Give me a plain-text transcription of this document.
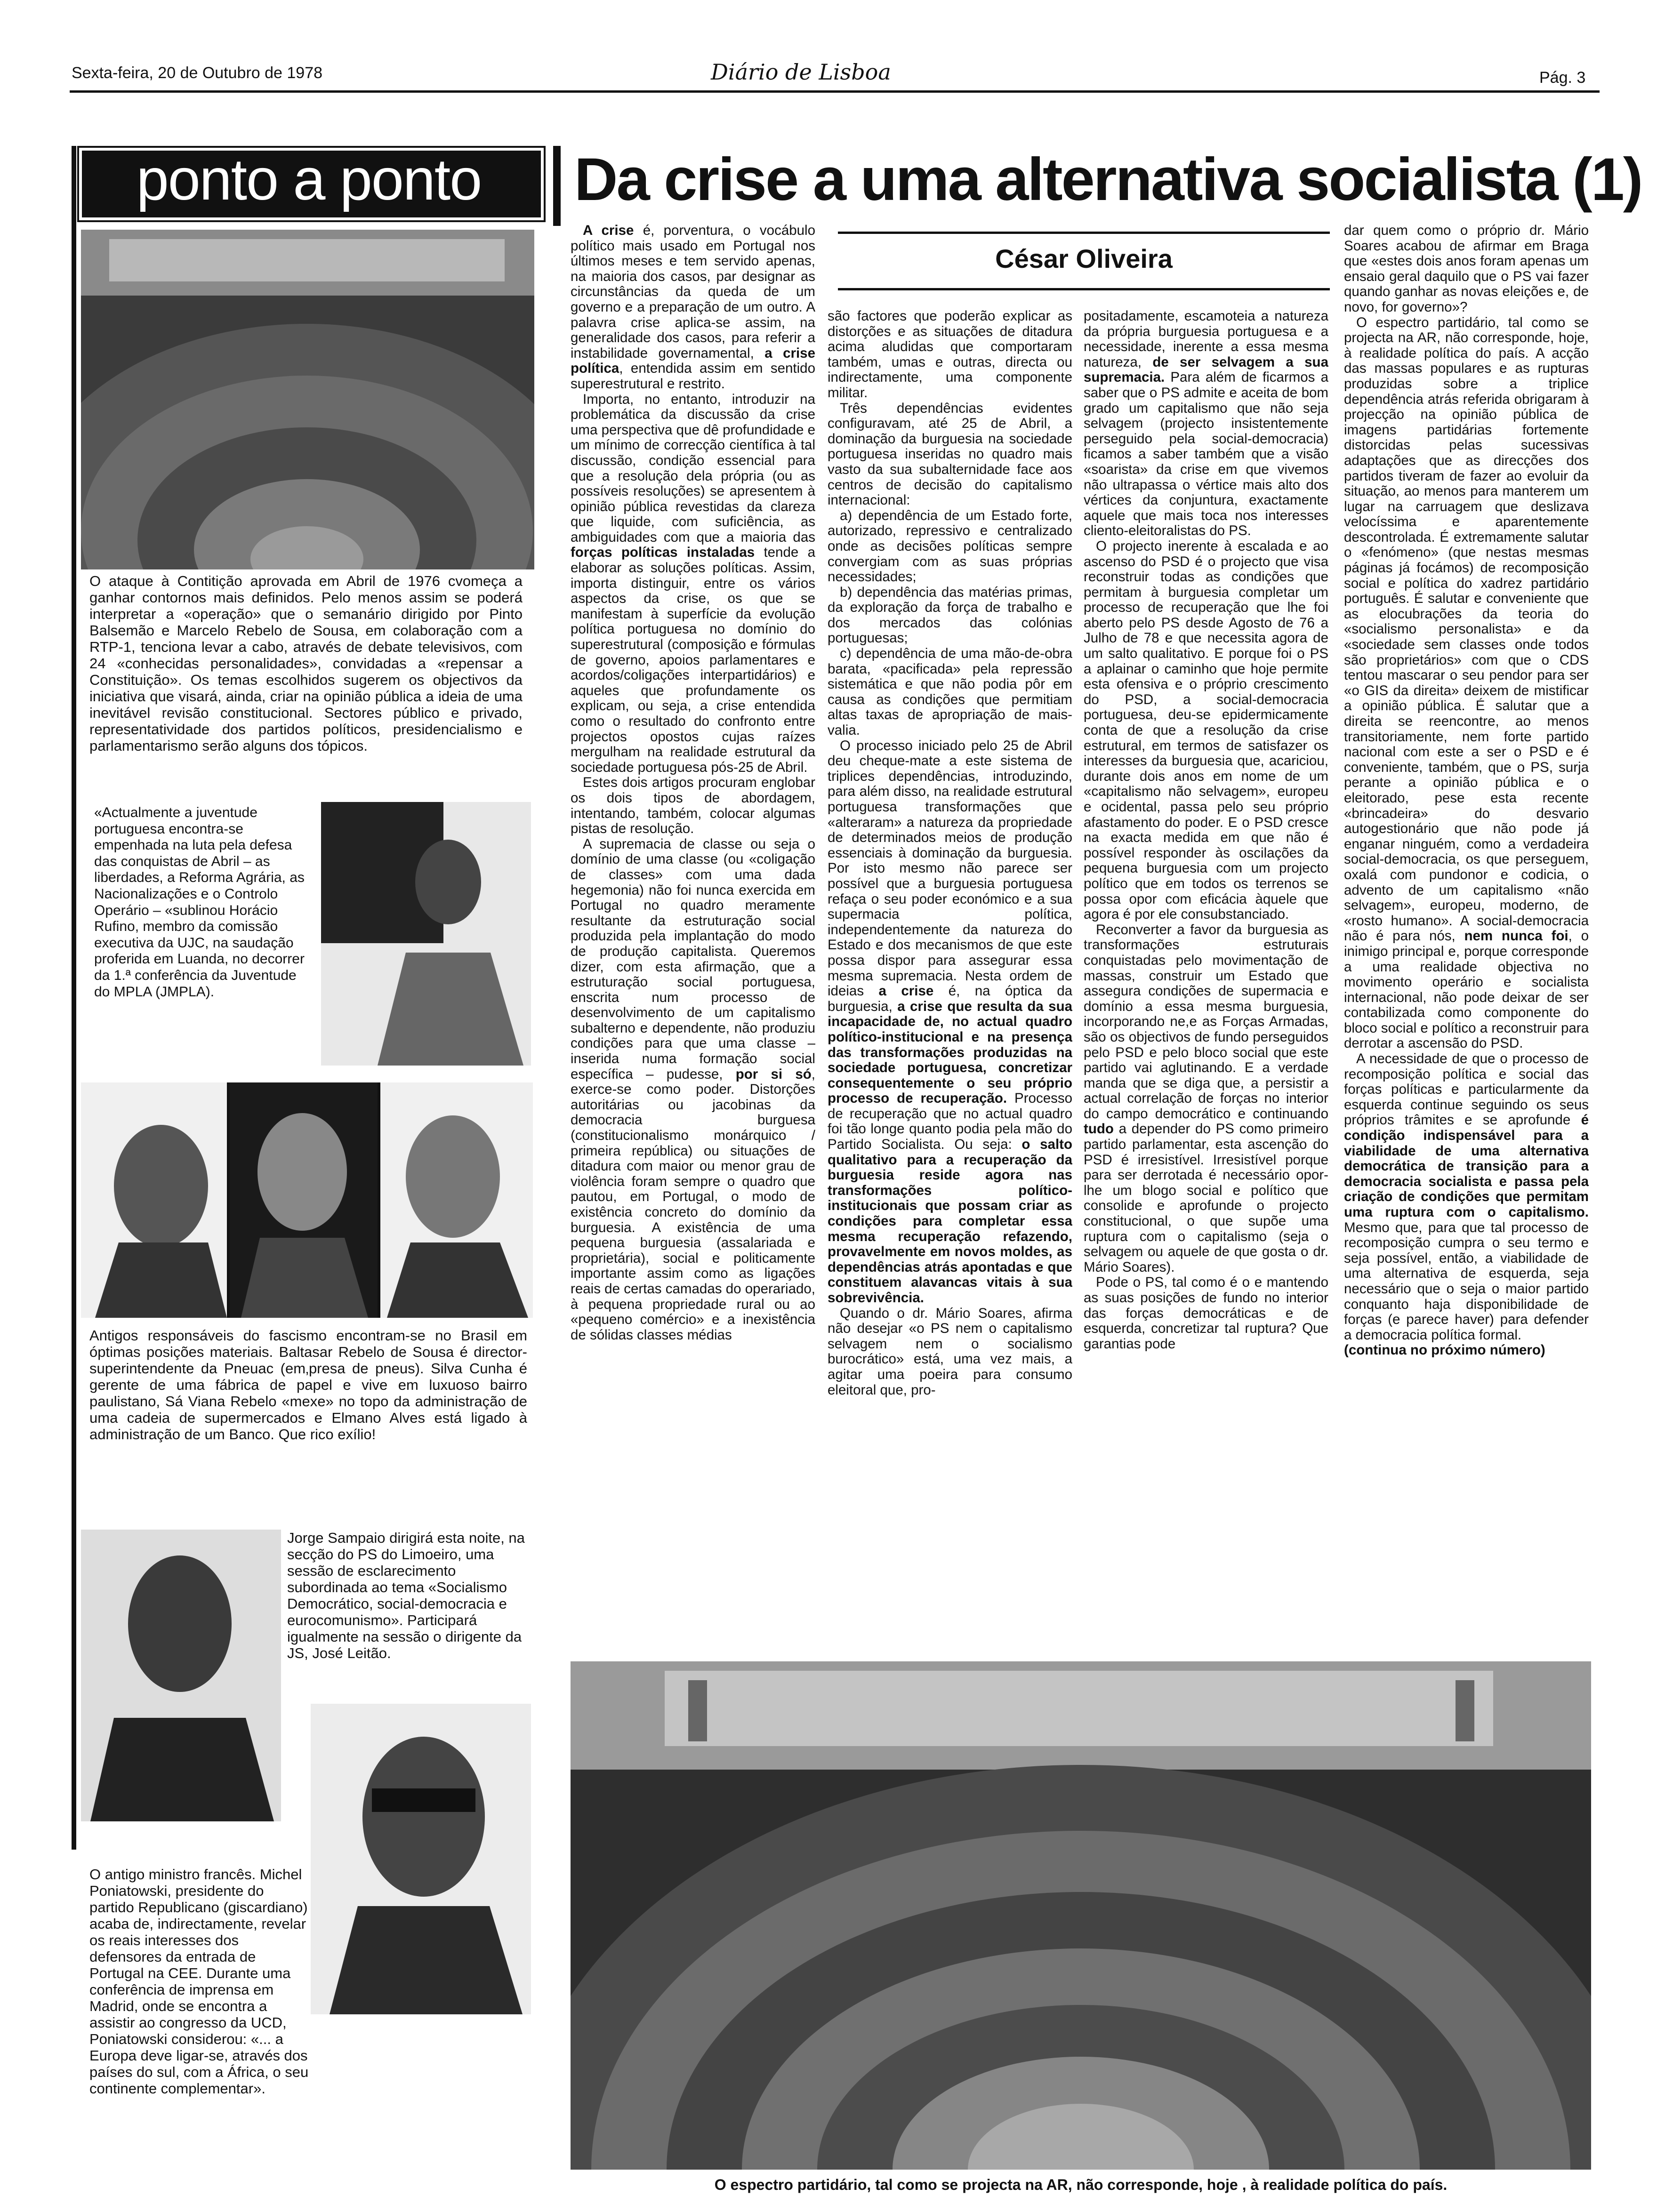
Sexta-feira, 20 de Outubro de 1978	Diário de Lisboa	Pág. 3
ponto a ponto
O ataque à Contitição aprovada em Abril de 1976 cvomeça a ganhar contornos mais definidos. Pelo menos assim se poderá interpretar a «operação» que o semanário dirigido por Pinto Balsemão e Marcelo Rebelo de Sousa, em colaboração com a RTP-1, tenciona levar a cabo, através de debate televisivos, com 24 «conhecidas personalidades», convidadas a «repensar a Constituição». Os temas escolhidos sugerem os objectivos da iniciativa que visará, ainda, criar na opinião pública a ideia de uma inevitável revisão constitucional. Sectores público e privado, representatividade dos partidos políticos, presidencialismo e parlamentarismo serão alguns dos tópicos.
«Actualmente a juventude portuguesa encontra-se empenhada na luta pela defesa das conquistas de Abril – as liberdades, a Reforma Agrária, as Nacionalizações e o Controlo Operário – «sublinou Horácio Rufino, membro da comissão executiva da UJC, na saudação proferida em Luanda, no decorrer da 1.ª conferência da Juventude do MPLA (JMPLA).
Antigos responsáveis do fascismo encontram-se no Brasil em óptimas posições materiais. Baltasar Rebelo de Sousa é director-superintendente da Pneuac (em‚presa de pneus). Silva Cunha é gerente de uma fábrica de papel e vive em luxuoso bairro paulistano, Sá Viana Rebelo «mexe» no topo da administração de uma cadeia de supermercados e Elmano Alves está ligado à administração de um Banco. Que rico exílio!
Jorge Sampaio dirigirá esta noite, na secção do PS do Limoeiro, uma sessão de esclarecimento subordinada ao tema «Socialismo Democrático, social-democracia e eurocomunismo». Participará igualmente na sessão o dirigente da JS, José Leitão.
O antigo ministro francês. Michel Poniatowski, presidente do partido Republicano (giscardiano) acaba de, indirectamente, revelar os reais interesses dos defensores da entrada de Portugal na CEE. Durante uma conferência de imprensa em Madrid, onde se encontra a assistir ao congresso da UCD, Poniatowski considerou: «... a Europa deve ligar-se, através dos países do sul, com a África, o seu continente complementar».
Da crise a uma alternativa socialista (1)

A crise é, porventura, o vocábulo político mais usado em Portugal nos últimos meses e tem servido apenas, na maioria dos casos, par designar as circunstâncias da queda de um governo e a preparação de um outro. A palavra crise aplica-se assim, na generalidade dos casos, para referir a instabilidade governamental, a crise política, entendida assim em sentido superestrutural e restrito.

Importa, no entanto, introduzir na problemática da discussão da crise uma perspectiva que dê profundidade e um mínimo de correcção científica à tal discussão, condição essencial para que a resolução dela própria (ou as possíveis resoluções) se apresentem à opinião pública revestidas da clareza que liquide, com suficiência, as ambiguidades com que a maioria das forças políticas instaladas tende a elaborar as soluções políticas. Assim, importa distinguir, entre os vários aspectos da crise, os que se manifestam à superfície da evolução política portuguesa no domínio do superestrutural (composição e fórmulas de governo, apoios parlamentares e acordos/coligações interpartidários) e aqueles que profundamente os explicam, ou seja, a crise entendida como o resultado do confronto entre projectos opostos cujas raízes mergulham na realidade estrutural da sociedade portuguesa pós-25 de Abril.

Estes dois artigos procuram englobar os dois tipos de abordagem, intentando, também, colocar algumas pistas de resolução.

A supremacia de classe ou seja o domínio de uma classe (ou «coligação de classes» com uma dada hegemonia) não foi nunca exercida em Portugal no quadro meramente resultante da estruturação social produzida pela implantação do modo de produção capitalista. Queremos dizer, com esta afirmação, que a estruturação social portuguesa, enscrita num processo de desenvolvimento de um capitalismo subalterno e dependente, não produziu condições para que uma classe – inserida numa formação social específica – pudesse, por si só, exerce-se como poder. Distorções autoritárias ou jacobinas da democracia burguesa (constitucionalismo monárquico / primeira república) ou situações de ditadura com maior ou menor grau de violência foram sempre o quadro que pautou, em Portugal, o modo de existência concreto do domínio da burguesia. A existência de uma pequena burguesia (assalariada e proprietária), social e politicamente importante assim como as ligações reais de certas camadas do operariado, à pequena propriedade rural ou ao «pequeno comércio» e a inexistência de sólidas classes médias

César Oliveira

são factores que poderão explicar as distorções e as situações de ditadura acima aludidas que comportaram também, umas e outras, directa ou indirectamente, uma componente militar.

Três dependências evidentes configuravam, até 25 de Abril, a dominação da burguesia na sociedade portuguesa inseridas no quadro mais vasto da sua subalternidade face aos centros de decisão do capitalismo internacional:

a) dependência de um Estado forte, autorizado, repressivo e centralizado onde as decisões políticas sempre convergiam com as suas próprias necessidades;

b) dependência das matérias primas, da exploração da força de trabalho e dos mercados das colónias portuguesas;

c) dependência de uma mão-de-obra barata, «pacificada» pela repressão sistemática e que não podia pôr em causa as condições que permitiam altas taxas de apropriação de mais-valia.

O processo iniciado pelo 25 de Abril deu cheque-mate a este sistema de triplices dependências, introduzindo, para além disso, na realidade estrutural portuguesa transformações que «alteraram» a natureza da propriedade de determinados meios de produção essenciais à dominação da burguesia. Por isto mesmo não parece ser possível que a burguesia portuguesa refaça o seu poder económico e a sua supermacia política, independentemente da natureza do Estado e dos mecanismos de que este possa dispor para assegurar essa mesma supremacia. Nesta ordem de ideias a crise é, na óptica da burguesia, a crise que resulta da sua incapacidade de, no actual quadro político-institucional e na presença das transformações produzidas na sociedade portuguesa, concretizar consequentemente o seu próprio processo de recuperação. Processo de recuperação que no actual quadro foi tão longe quanto podia pela mão do Partido Socialista. Ou seja: o salto qualitativo para a recuperação da burguesia reside agora nas transformações político-institucionais que possam criar as condições para completar essa mesma recuperação refazendo, provavelmente em novos moldes, as dependências atrás apontadas e que constituem alavancas vitais à sua sobrevivência.

Quando o dr. Mário Soares, afirma não desejar «o PS nem o capitalismo selvagem nem o socialismo burocrático» está, uma vez mais, a agitar uma poeira para consumo eleitoral que, pro-

positadamente, escamoteia a natureza da própria burguesia portuguesa e a necessidade, inerente a essa mesma natureza, de ser selvagem a sua supremacia. Para além de ficarmos a saber que o PS admite e aceita de bom grado um capitalismo que não seja selvagem (projecto insistentemente perseguido pela social-democracia) ficamos a saber também que a visão «soarista» da crise em que vivemos não ultrapassa o vértice mais alto dos vértices da conjuntura, exactamente aquele que mais toca nos interesses cliento-eleitoralistas do PS.

O projecto inerente à escalada e ao ascenso do PSD é o projecto que visa reconstruir todas as condições que permitam à burguesia completar um processo de recuperação que lhe foi aberto pelo PS desde Agosto de 76 a Julho de 78 e que necessita agora de um salto qualitativo. E porque foi o PS a aplainar o caminho que hoje permite esta ofensiva e o próprio crescimento do PSD, a social-democracia portuguesa, deu-se epidermicamente conta de que a resolução da crise estrutural, em termos de satisfazer os interesses da burguesia que, acariciou, durante dois anos em nome de um «capitalismo não selvagem», europeu e ocidental, passa pelo seu próprio afastamento do poder. E o PSD cresce na exacta medida em que não é possível responder às oscilações da pequena burguesia com um projecto político que em todos os terrenos se possa opor com eficácia àquele que agora é por ele consubstanciado.

Reconverter a favor da burguesia as transformações estruturais conquistadas pelo movimentação de massas, construir um Estado que assegura condições de supermacia e domínio a essa mesma burguesia, incorporando ne,e as Forças Armadas, são os objectivos de fundo perseguidos pelo PSD e pelo bloco social que este partido vai aglutinando. E a verdade manda que se diga que, a persistir a actual correlação de forças no interior do campo democrático e continuando tudo a depender do PS como primeiro partido parlamentar, esta ascenção do PSD é irresistível. Irresistível porque para ser derrotada é necessário opor-lhe um blogo social e político que consolide e aprofunde o projecto constitucional, o que supõe uma ruptura com o capitalismo (seja o selvagem ou aquele de que gosta o dr. Mário Soares).

Pode o PS, tal como é o e mantendo as suas posições de fundo no interior das forças democráticas e de esquerda, concretizar tal ruptura? Que garantias pode

dar quem como o próprio dr. Mário Soares acabou de afirmar em Braga que «estes dois anos foram apenas um ensaio geral daquilo que o PS vai fazer quando ganhar as novas eleições e, de novo, for governo»?

O espectro partidário, tal como se projecta na AR, não corresponde, hoje, à realidade política do país. A acção das massas populares e as rupturas produzidas sobre a triplice dependência atrás referida obrigaram à projecção na opinião pública de imagens partidárias fortemente distorcidas pelas sucessivas adaptações que as direcções dos partidos tiveram de fazer ao evoluir da situação, ao menos para manterem um lugar na carruagem que deslizava velocíssima e aparentemente descontrolada. É extremamente salutar o «fenómeno» (que nestas mesmas páginas já focámos) de recomposição social e política do xadrez partidário português. É salutar e conveniente que as elocubrações da teoria do «socialismo personalista» e da «sociedade sem classes onde todos são proprietários» com que o CDS tentou mascarar o seu pendor para ser «o GIS da direita» deixem de mistificar a opinião pública. É salutar que a direita se reencontre, ao menos transitoriamente, nem forte partido nacional com este a ser o PSD e é conveniente, também, que o PS, surja perante a opinião pública e o eleitorado, pese esta recente «brincadeira» do desvario autogestionário que não pode já enganar ninguém, como a verdadeira social-democracia, os que perseguem, oxalá com pundonor e codicia, o advento de um capitalismo «não selvagem», europeu, moderno, de «rosto humano». A social-democracia não é para nós, nem nunca foi, o inimigo principal e, porque corresponde a uma realidade objectiva no movimento operário e socialista internacional, não pode deixar de ser contabilizada como componente do bloco social e político a reconstruir para derrotar a ascensão do PSD.

A necessidade de que o processo de recomposição política e social das forças políticas e particularmente da esquerda continue seguindo os seus próprios trâmites e se aprofunde é condição indispensável para a viabilidade de uma alternativa democrática de transição para a democracia socialista e passa pela criação de condições que permitam uma ruptura com o capitalismo. Mesmo que, para que tal processo de recomposição cumpra o seu termo e seja possível, então, a viabilidade de uma alternativa de esquerda, seja necessário que o seja o maior partido conquanto haja disponibilidade de forças (e parece haver) para defender a democracia política formal.

(continua no próximo número)

O espectro partidário, tal como se projecta na AR, não corresponde, hoje , à realidade política do país.
